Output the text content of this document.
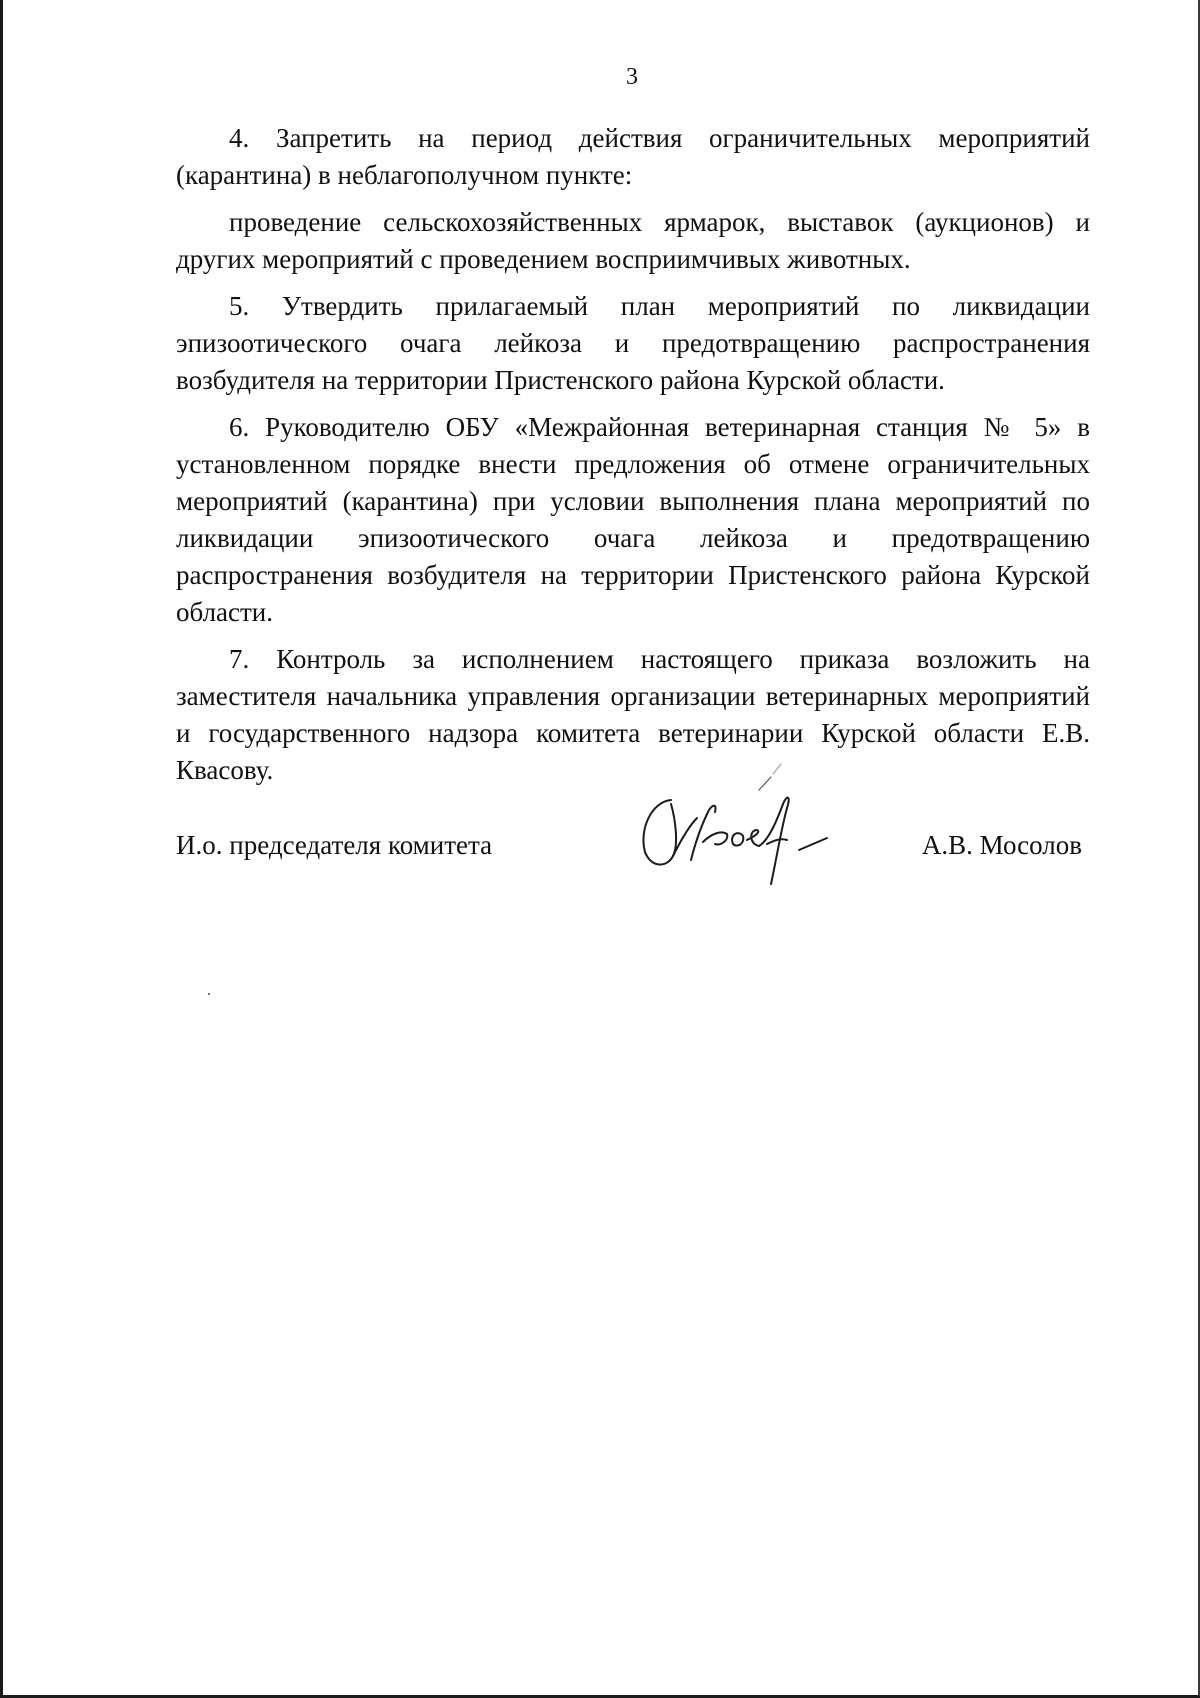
3

4. Запретить на период действия ограничительных мероприятий (карантина) в неблагополучном пункте:

проведение сельскохозяйственных ярмарок, выставок (аукционов) и других мероприятий с проведением восприимчивых животных.

5. Утвердить прилагаемый план мероприятий по ликвидации эпизоотического очага лейкоза и предотвращению распространения возбудителя на территории Пристенского района Курской области.

6. Руководителю ОБУ «Межрайонная ветеринарная станция № 5» в установленном порядке внести предложения об отмене ограничительных мероприятий (карантина) при условии выполнения плана мероприятий по ликвидации эпизоотического очага лейкоза и предотвращению распространения возбудителя на территории Пристенского района Курской области.

7. Контроль за исполнением настоящего приказа возложить на заместителя начальника управления организации ветеринарных мероприятий и государственного надзора комитета ветеринарии Курской области Е.В. Квасову.

И.о. председателя комитета	А.В. Мосолов
